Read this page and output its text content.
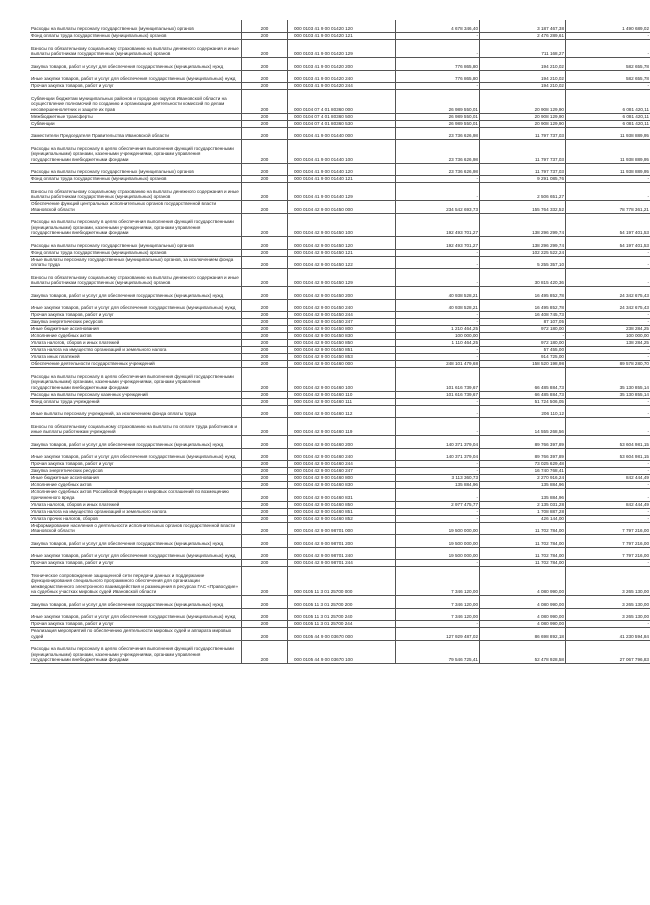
Расходы на выплаты персоналу государственных (муниципальных) органов	200	000 0103 41 9 00 01420 120	4 678 346,40	3 187 467,38	1 490 689,02
Фонд оплаты труда государственных (муниципальных) органов	200	000 0103 41 9 00 01420 121	-	2 476 289,61	-
Взносы по обязательному социальному страхованию на выплаты денежного содержания и иные выплаты работникам государственных (муниципальных) органов	200	000 0103 41 9 00 01420 129	-	711 168,27	-
Закупка товаров, работ и услуг для обеспечения государственных (муниципальных) нужд	200	000 0103 41 9 00 01420 200	776 865,80	194 210,02	582 655,78
Иные закупки товаров, работ и услуг для обеспечения государственных (муниципальных) нужд	200	000 0103 41 9 00 01420 240	776 865,80	194 210,02	582 655,78
Прочая закупка товаров, работ и услуг	200	000 0103 41 9 00 01420 244	-	194 210,02	-
Субвенции бюджетам муниципальных районов и городских округов Ивановской области на осуществление полномочий по созданию и организации деятельности комиссий по делам несовершеннолетних и защите их прав	200	000 0104 07 4 01 80360 000	26 989 550,01	20 908 129,90	6 081 420,11
Межбюджетные трансферты	200	000 0104 07 4 01 80360 500	26 989 550,01	20 908 129,90	6 081 420,11
Субвенции	200	000 0104 07 4 01 80360 530	26 989 550,01	20 908 129,90	6 081 420,11
Заместители Председателя Правительства Ивановской области	200	000 0104 41 9 00 01440 000	23 736 626,98	11 797 737,03	11 938 889,95
Расходы на выплаты персоналу в целях обеспечения выполнения функций государственными (муниципальными) органами, казенными учреждениями, органами управления государственными внебюджетными фондами	200	000 0104 41 9 00 01440 100	23 736 626,98	11 797 737,03	11 938 889,95
Расходы на выплаты персоналу государственных (муниципальных) органов	200	000 0104 41 9 00 01440 120	23 736 626,98	11 797 737,03	11 938 889,95
Фонд оплаты труда государственных (муниципальных) органов	200	000 0104 41 9 00 01440 121	-	9 291 085,76	-
Взносы по обязательному социальному страхованию на выплаты денежного содержания и иные выплаты работникам государственных (муниципальных) органов	200	000 0104 41 9 00 01440 129	-	2 506 651,27	-
Обеспечение функций центральных исполнительных органов государственной власти Ивановской области	200	000 0104 42 9 00 01450 000	234 542 693,73	155 764 332,52	78 778 361,21
Расходы на выплаты персоналу в целях обеспечения выполнения функций государственными (муниципальными) органами, казенными учреждениями, органами управления государственными внебюджетными фондами	200	000 0104 42 9 00 01450 100	192 493 701,27	138 296 299,74	54 197 401,53
Расходы на выплаты персоналу государственных (муниципальных) органов	200	000 0104 42 9 00 01450 120	192 493 701,27	138 296 299,74	54 197 401,53
Фонд оплаты труда государственных (муниципальных) органов	200	000 0104 42 9 00 01450 121	-	102 225 522,24	-
Иные выплаты персоналу государственных (муниципальных) органов, за исключением фонда оплаты труда	200	000 0104 42 9 00 01450 122	-	5 255 357,10	-
Взносы по обязательному социальному страхованию на выплаты денежного содержания и иные выплаты работникам государственных (муниципальных) органов	200	000 0104 42 9 00 01450 129	-	30 815 420,36	-
Закупка товаров, работ и услуг для обеспечения государственных (муниципальных) нужд	200	000 0104 42 9 00 01450 200	40 938 528,21	16 495 852,78	24 342 675,43
Иные закупки товаров, работ и услуг для обеспечения государственных (муниципальных) нужд	200	000 0104 42 9 00 01450 240	40 938 528,21	16 495 852,78	24 342 675,43
Прочая закупка товаров, работ и услуг	200	000 0104 42 9 00 01450 244	-	16 408 745,73	-
Закупка энергетических ресурсов	200	000 0104 42 9 00 01450 247	-	87 107,05	-
Иные бюджетные ассигнования	200	000 0104 42 9 00 01450 800	1 210 464,25	972 180,00	238 284,25
Исполнение судебных актов	200	000 0104 42 9 00 01450 830	100 000,00	-	100 000,00
Уплата налогов, сборов и иных платежей	200	000 0104 42 9 00 01450 850	1 110 464,25	972 180,00	138 284,25
Уплата налога на имущество организаций и земельного налога	200	000 0104 42 9 00 01450 851	-	57 455,00	-
Уплата иных платежей	200	000 0104 42 9 00 01450 853	-	914 725,00	-
Обеспечение деятельности государственных учреждений	200	000 0104 42 9 00 01460 000	248 101 479,68	158 520 198,98	89 578 280,70
Расходы на выплаты персоналу в целях обеспечения выполнения функций государственными (муниципальными) органами, казенными учреждениями, органами управления государственными внебюджетными фондами	200	000 0104 42 9 00 01460 100	101 616 739,67	66 485 884,73	35 130 855,14
Расходы на выплаты персоналу казенных учреждений	200	000 0104 42 9 00 01460 110	101 616 739,67	66 485 884,73	35 130 855,14
Фонд оплаты труда учреждений	200	000 0104 42 9 00 01460 111	-	51 724 506,05	-
Иные выплаты персоналу учреждений, за исключением фонда оплаты труда	200	000 0104 42 9 00 01460 112	-	206 110,12	-
Взносы по обязательному социальному страхованию на выплаты по оплате труда работников и иные выплаты работникам учреждений	200	000 0104 42 9 00 01460 119	-	14 555 268,56	-
Закупка товаров, работ и услуг для обеспечения государственных (муниципальных) нужд	200	000 0104 42 9 00 01460 200	140 371 379,04	89 766 397,89	53 604 981,15
Иные закупки товаров, работ и услуг для обеспечения государственных (муниципальных) нужд	200	000 0104 42 9 00 01460 240	140 371 379,04	89 766 397,89	53 604 981,15
Прочая закупка товаров, работ и услуг	200	000 0104 42 9 00 01460 244	-	73 025 629,48	-
Закупка энергетических ресурсов	200	000 0104 42 9 00 01460 247	-	16 740 768,41	-
Иные бюджетные ассигнования	200	000 0104 42 9 00 01460 800	3 113 360,73	2 270 916,24	842 444,49
Исполнение судебных актов	200	000 0104 42 9 00 01460 830	135 884,96	135 884,96	-
Исполнение судебных актов Российской Федерации и мировых соглашений по возмещению причиненного вреда	200	000 0104 42 9 00 01460 831	-	135 884,96	-
Уплата налогов, сборов и иных платежей	200	000 0104 42 9 00 01460 850	2 977 475,77	2 135 031,28	842 444,49
Уплата налога на имущество организаций и земельного налога	200	000 0104 42 9 00 01460 851	-	1 708 887,28	-
Уплата прочих налогов, сборов	200	000 0104 42 9 00 01460 852	-	426 144,00	-
Информирование населения о деятельности исполнительных органов государственной власти Ивановской области	200	000 0104 42 9 00 98701 000	19 500 000,00	11 702 784,00	7 797 216,00
Закупка товаров, работ и услуг для обеспечения государственных (муниципальных) нужд	200	000 0104 42 9 00 98701 200	19 500 000,00	11 702 784,00	7 797 216,00
Иные закупки товаров, работ и услуг для обеспечения государственных (муниципальных) нужд	200	000 0104 42 9 00 98701 240	19 500 000,00	11 702 784,00	7 797 216,00
Прочая закупка товаров, работ и услуг	200	000 0104 42 9 00 98701 244	-	11 702 784,00	-
Техническое сопровождение защищенной сети передачи данных и поддержание функционирования специального программного обеспечения для организации межведомственного электронного взаимодействия и размещения в ресурсах ГАС «Правосудие» на судебных участках мировых судей Ивановской области	200	000 0105 11 3 01 25700 000	7 346 120,00	4 080 990,00	3 265 130,00
Закупка товаров, работ и услуг для обеспечения государственных (муниципальных) нужд	200	000 0105 11 3 01 25700 200	7 346 120,00	4 080 990,00	3 265 130,00
Иные закупки товаров, работ и услуг для обеспечения государственных (муниципальных) нужд	200	000 0105 11 3 01 25700 240	7 346 120,00	4 080 990,00	3 265 130,00
Прочая закупка товаров, работ и услуг	200	000 0105 11 3 01 25700 244	-	4 080 990,00	-
Реализация мероприятий по обеспечению деятельности мировых судей и аппарата мировых судей	200	000 0105 44 9 00 03670 000	127 929 487,02	86 698 892,18	41 230 594,84
Расходы на выплаты персоналу в целях обеспечения выполнения функций государственными (муниципальными) органами, казенными учреждениями, органами управления государственными внебюджетными фондами	200	000 0105 44 9 00 03670 100	79 546 725,41	52 478 928,58	27 067 796,83
